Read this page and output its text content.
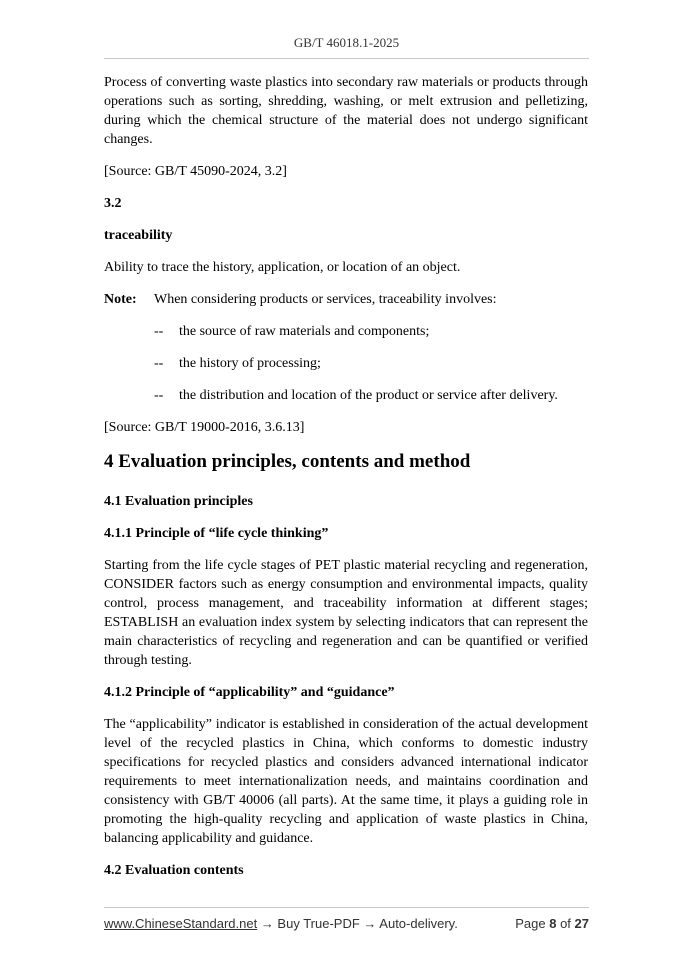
GB/T 46018.1-2025

Process of converting waste plastics into secondary raw materials or products through operations such as sorting, shredding, washing, or melt extrusion and pelletizing, during which the chemical structure of the material does not undergo significant changes.

[Source: GB/T 45090-2024, 3.2]

3.2

traceability

Ability to trace the history, application, or location of an object.

Note:	When considering products or services, traceability involves:
--	the source of raw materials and components;
--	the history of processing;
--	the distribution and location of the product or service after delivery.

[Source: GB/T 19000-2016, 3.6.13]

4 Evaluation principles, contents and method

4.1 Evaluation principles

4.1.1 Principle of “life cycle thinking”

Starting from the life cycle stages of PET plastic material recycling and regeneration, CONSIDER factors such as energy consumption and environmental impacts, quality control, process management, and traceability information at different stages; ESTABLISH an evaluation index system by selecting indicators that can represent the main characteristics of recycling and regeneration and can be quantified or verified through testing.

4.1.2 Principle of “applicability” and “guidance”

The “applicability” indicator is established in consideration of the actual development level of the recycled plastics in China, which conforms to domestic industry specifications for recycled plastics and considers advanced international indicator requirements to meet internationalization needs, and maintains coordination and consistency with GB/T 40006 (all parts). At the same time, it plays a guiding role in promoting the high-quality recycling and application of waste plastics in China, balancing applicability and guidance.

4.2 Evaluation contents

www.ChineseStandard.net → Buy True-PDF → Auto-delivery.	Page 8 of 27
